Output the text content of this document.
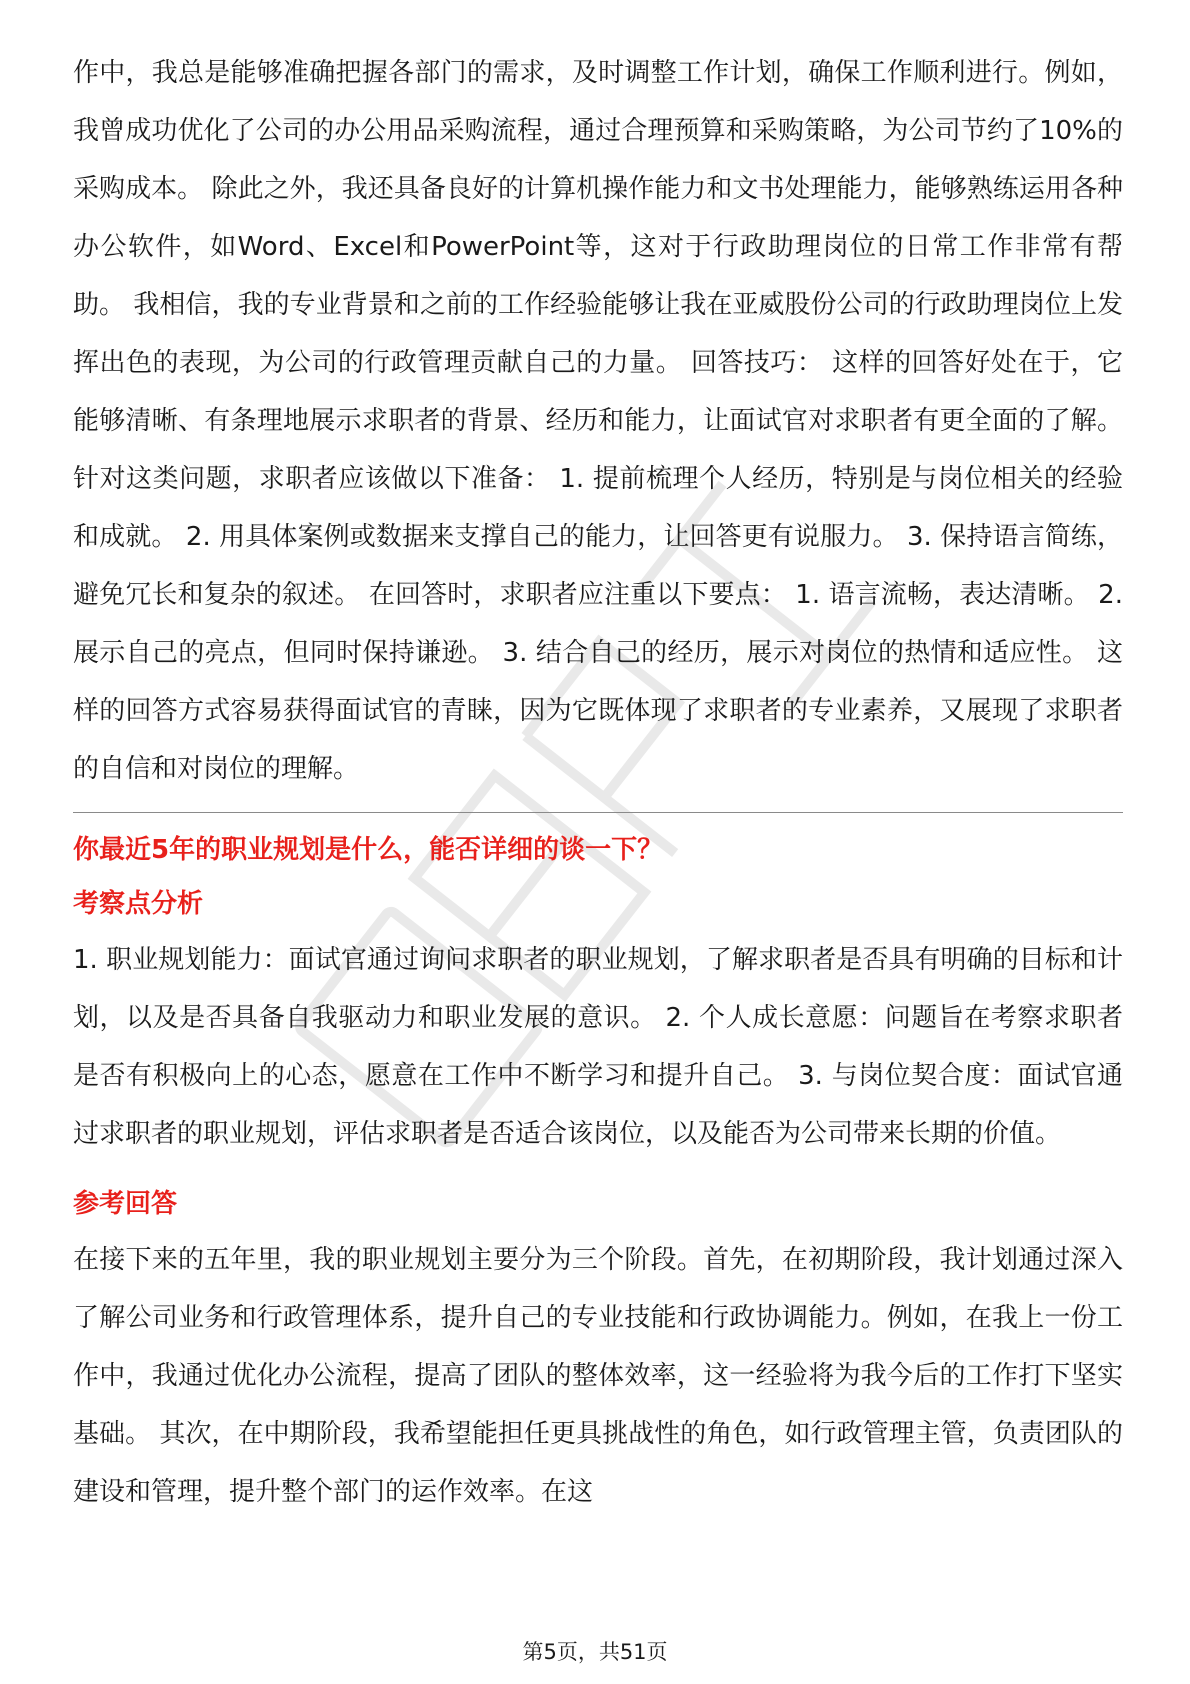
作中，我总是能够准确把握各部门的需求，及时调整工作计划，确保工作顺利进行。例如，我曾成功优化了公司的办公用品采购流程，通过合理预算和采购策略，为公司节约了10%的采购成本。 除此之外，我还具备良好的计算机操作能力和文书处理能力，能够熟练运用各种办公软件，如Word、Excel和PowerPoint等，这对于行政助理岗位的日常工作非常有帮助。 我相信，我的专业背景和之前的工作经验能够让我在亚威股份公司的行政助理岗位上发挥出色的表现，为公司的行政管理贡献自己的力量。 回答技巧： 这样的回答好处在于，它能够清晰、有条理地展示求职者的背景、经历和能力，让面试官对求职者有更全面的了解。针对这类问题，求职者应该做以下准备： 1. 提前梳理个人经历，特别是与岗位相关的经验和成就。 2. 用具体案例或数据来支撑自己的能力，让回答更有说服力。 3. 保持语言简练，避免冗长和复杂的叙述。 在回答时，求职者应注重以下要点： 1. 语言流畅，表达清晰。 2. 展示自己的亮点，但同时保持谦逊。 3. 结合自己的经历，展示对岗位的热情和适应性。 这样的回答方式容易获得面试官的青睐，因为它既体现了求职者的专业素养，又展现了求职者的自信和对岗位的理解。

你最近5年的职业规划是什么，能否详细的谈一下？

考察点分析

1. 职业规划能力：面试官通过询问求职者的职业规划，了解求职者是否具有明确的目标和计划，以及是否具备自我驱动力和职业发展的意识。 2. 个人成长意愿：问题旨在考察求职者是否有积极向上的心态，愿意在工作中不断学习和提升自己。 3. 与岗位契合度：面试官通过求职者的职业规划，评估求职者是否适合该岗位，以及能否为公司带来长期的价值。

参考回答

在接下来的五年里，我的职业规划主要分为三个阶段。首先，在初期阶段，我计划通过深入了解公司业务和行政管理体系，提升自己的专业技能和行政协调能力。例如，在我上一份工作中，我通过优化办公流程，提高了团队的整体效率，这一经验将为我今后的工作打下坚实基础。 其次，在中期阶段，我希望能担任更具挑战性的角色，如行政管理主管，负责团队的建设和管理，提升整个部门的运作效率。在这

第5页，共51页
